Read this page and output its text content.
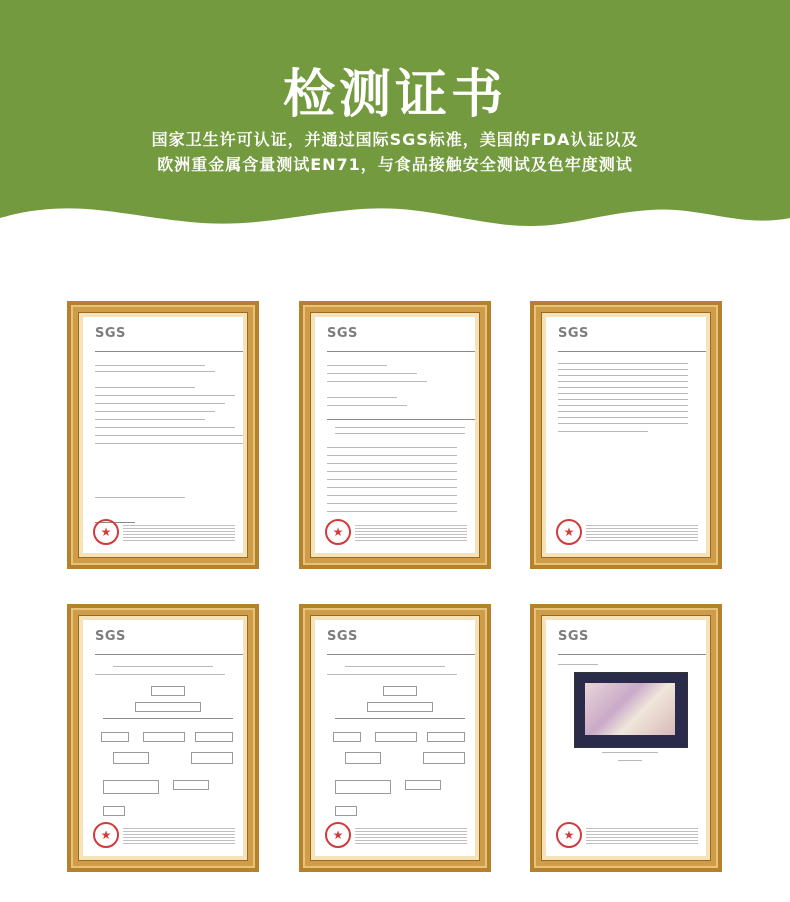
检测证书
国家卫生许可认证，并通过国际SGS标准，美国的FDA认证以及
欧洲重金属含量测试EN71，与食品接触安全测试及色牢度测试
SGS
★
SGS
★
SGS
★
SGS
★
SGS
★
SGS
★
